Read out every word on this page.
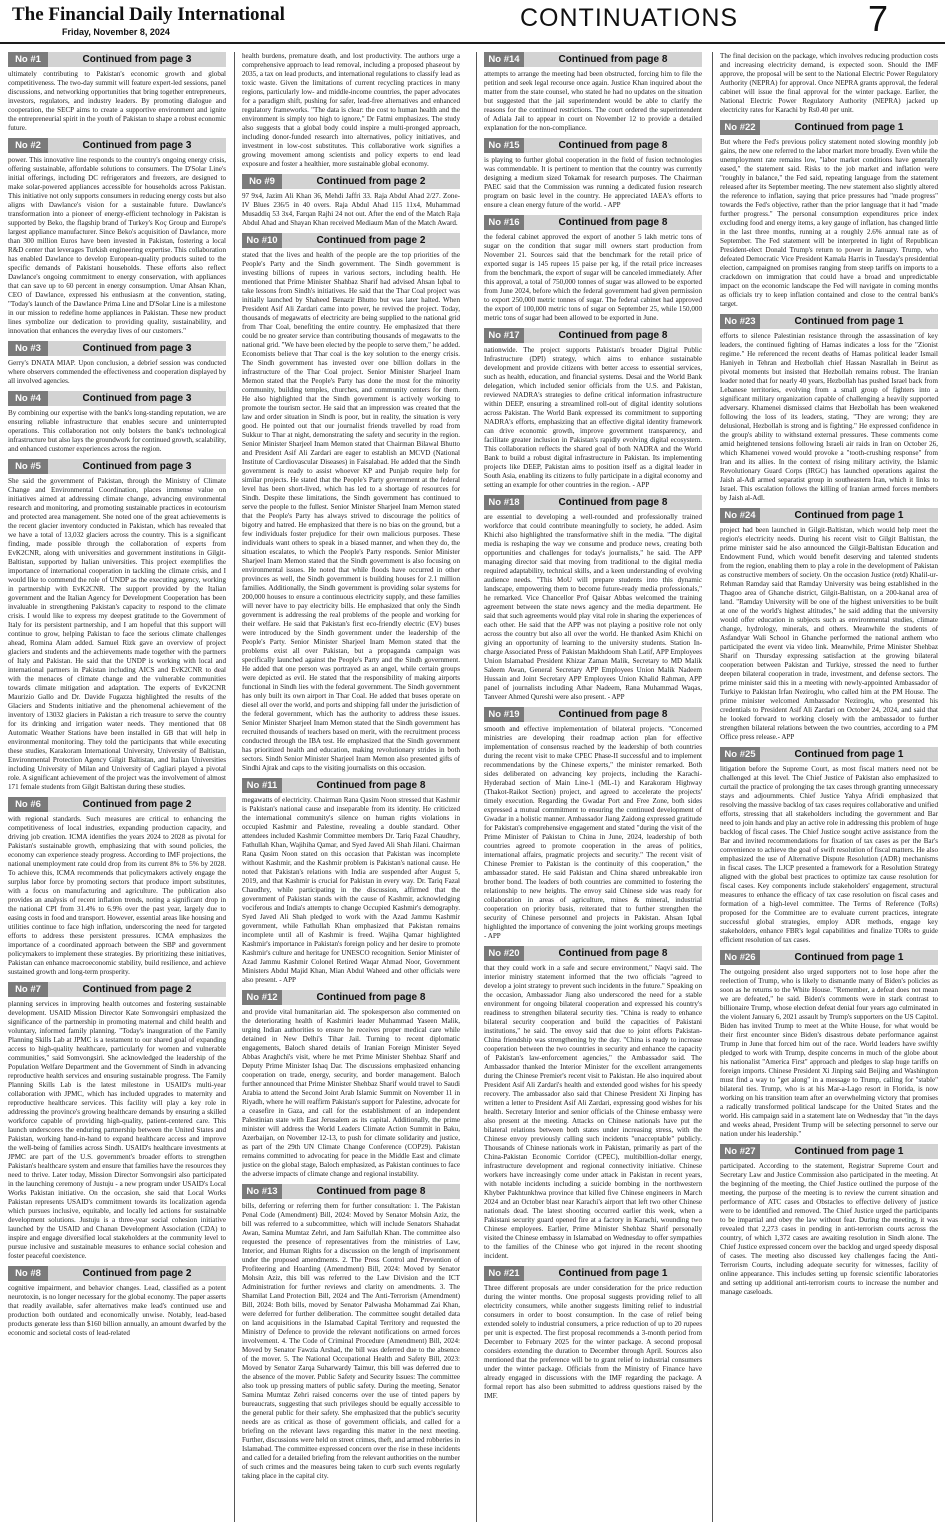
The Financial Daily International
Friday, November 8, 2024	CONTINUATIONS	7
No #1	Continued from page 3
ultimately contributing to Pakistan's economic growth and global competitiveness. The two-day summit will feature expert-led sessions, panel discussions, and networking opportunities that bring together entrepreneurs, investors, regulators, and industry leaders. By promoting dialogue and cooperation, the SECP aims to create a supportive environment and ignite the entrepreneurial spirit in the youth of Pakistan to shape a robust economic future.
No #2	Continued from page 3
power. This innovative line responds to the country's ongoing energy crisis, offering sustainable, affordable solutions to consumers. The D'Solar Line's initial offerings, including DC refrigerators and freezers, are designed to make solar-powered appliances accessible for households across Pakistan. This initiative not only supports consumers in reducing energy costs but also aligns with Dawlance's vision for a sustainable future. Dawlance's transformation into a pioneer of energy-efficient technology in Pakistan is supported by Beko, the flagship brand of Turkey's Koç Group and Europe's largest appliance manufacturer. Since Beko's acquisition of Dawlance, more than 300 million Euros have been invested in Pakistan, fostering a local R&D center that leverages Turkish engineering expertise. This collaboration has enabled Dawlance to develop European-quality products suited to the specific demands of Pakistani households. These efforts also reflect Dawlance's ongoing commitment to energy conservation, with appliances that can save up to 60 percent in energy consumption. Umar Ahsan Khan, CEO of Dawlance, expressed his enthusiasm at the convention, stating, "Today's launch of the Dawlance Prima Line and D'Solar Line is a milestone in our mission to redefine home appliances in Pakistan. These new product lines symbolize our dedication to providing quality, sustainability, and innovation that enhances the everyday lives of our customers."
No #3	Continued from page 3
Gerry's DNATA MIAP. Upon conclusion, a debrief session was conducted where observers commended the effectiveness and cooperation displayed by all involved agencies.
No #4	Continued from page 3
By combining our expertise with the bank's long-standing reputation, we are ensuring reliable infrastructure that enables secure and uninterrupted operations. This collaboration not only bolsters the bank's technological infrastructure but also lays the groundwork for continued growth, scalability, and enhanced customer experiences across the region.
No #5	Continued from page 3
She said the government of Pakistan, through the Ministry of Climate Change and Environmental Coordination, places immense value on initiatives aimed at addressing climate change, advancing environmental research and monitoring, and promoting sustainable practices in ecotourism and protected area management. She noted one of the great achievements is the recent glacier inventory conducted in Pakistan, which has revealed that we have a total of 13,032 glaciers across the country. This is a significant finding, made possible through the collaboration of experts from EvK2CNR, along with universities and government institutions in Gilgit-Baltistan, supported by Italian universities. This project exemplifies the importance of international cooperation in tackling the climate crisis, and I would like to commend the role of UNDP as the executing agency, working in partnership with EvK2CNR. The support provided by the Italian government and the Italian Agency for Development Cooperation has been invaluable in strengthening Pakistan's capacity to respond to the climate crisis. I would like to express my deepest gratitude to the Government of Italy for its persistent partnership, and I am hopeful that this support will continue to grow, helping Pakistan to face the serious climate challenges ahead, Romina Alam added. Samuel Rizk gave an overview of project glaciers and students and the achievements made together with the partners of Italy and Pakistan. He said that the UNDP is working with local and international partners in Pakistan including AICS and EvK2CNR to deal with the menaces of climate change and the vulnerable communities towards climate mitigation and adaptation. The experts of EvK2CNR Maurizio Gallo and Dr. Davide Fugazza highlighted the results of the Glaciers and Students initiative and the phenomenal achievement of the inventory of 13032 glaciers in Pakistan a rich treasure to serve the country for its drinking and irrigation water needs. They mentioned that 08 Automatic Weather Stations have been installed in GB that will help in environmental monitoring. They told the participants that while executing these studies, Karakoram International University, University of Baltistan, Environmental Protection Agency Gilgit Baltistan, and Italian Universities including University of Milan and University of Cagliari played a pivotal role. A significant achievement of the project was the involvement of almost 171 female students from Gilgit Baltistan during these studies.
No #6	Continued from page 2
with regional standards. Such measures are critical to enhancing the competitiveness of local industries, expanding production capacity, and driving job creation. ICMA identifies the years 2024 to 2028 as pivotal for Pakistan's sustainable growth, emphasizing that with sound policies, the economy can experience steady progress. According to IMF projections, the national unemployment rate could drop from its current 8% to 5% by 2028. To achieve this, ICMA recommends that policymakers actively engage the surplus labor force by promoting sectors that produce import substitutes, with a focus on manufacturing and agriculture. The publication also provides an analysis of recent inflation trends, noting a significant drop in the national CPI from 31.4% to 6.9% over the past year, largely due to easing costs in food and transport. However, essential areas like housing and utilities continue to face high inflation, underscoring the need for targeted efforts to address these persistent pressures. ICMA emphasizes the importance of a coordinated approach between the SBP and government policymakers to implement these strategies. By prioritizing these initiatives, Pakistan can enhance macroeconomic stability, build resilience, and achieve sustained growth and long-term prosperity.
No #7	Continued from page 2
planning services in improving health outcomes and fostering sustainable development. USAID Mission Director Kate Somvongsiri emphasized the significance of the partnership in promoting maternal and child health and voluntary, informed family planning. "Today's inauguration of the Family Planning Skills Lab at JPMC is a testament to our shared goal of expanding access to high-quality healthcare, particularly for women and vulnerable communities," said Somvongsiri. She acknowledged the leadership of the Population Welfare Department and the Government of Sindh in advancing reproductive health services and ensuring sustainable progress. The Family Planning Skills Lab is the latest milestone in USAID's multi-year collaboration with JPMC, which has included upgrades to maternity and reproductive healthcare services. This facility will play a key role in addressing the province's growing healthcare demands by ensuring a skilled workforce capable of providing high-quality, patient-centered care. This launch underscores the enduring partnership between the United States and Pakistan, working hand-in-hand to expand healthcare access and improve the well-being of families across Sindh. USAID's healthcare investments at JPMC are part of the U.S. government's broader efforts to strengthen Pakistan's healthcare system and ensure that families have the resources they need to thrive. Later today, Mission Director Somvongsiri also participated in the launching ceremony of Justuju - a new program under USAID's Local Works Pakistan initiative. On the occasion, she said that Local Works Pakistan represents USAID's commitment towards its localization agenda which pursues inclusive, equitable, and locally led actions for sustainable development solutions. Justuju is a three-year social cohesion initiative launched by the USAID and Chanan Development Association (CDA) to inspire and engage diversified local stakeholders at the community level to pursue inclusive and sustainable measures to enhance social cohesion and foster peaceful coexistence.
No #8	Continued from page 2
cognitive impairment, and behavior changes. Lead, classified as a potent neurotoxin, is no longer necessary for the global economy. The paper asserts that readily available, safer alternatives make lead's continued use and production both outdated and economically unwise. Notably, lead-based products generate less than $160 billion annually, an amount dwarfed by the economic and societal costs of lead-related
health burdens, premature death, and lost productivity. The authors urge a comprehensive approach to lead removal, including a proposed phaseout by 2035, a tax on lead products, and international regulations to classify lead as toxic waste. Given the limitations of current recycling practices in many regions, particularly low- and middle-income countries, the paper advocates for a paradigm shift, pushing for safer, lead-free alternatives and enhanced regulatory frameworks. "The data is clear: the cost to human health and the environment is simply too high to ignore," Dr Fatmi emphasizes. The study also suggests that a global body could inspire a multi-pronged approach, including donor-funded research into alternatives, policy initiatives, and investment in low-cost substitutes. This collaborative work signifies a growing movement among scientists and policy experts to end lead exposure and foster a healthier, more sustainable global economy.
No #9	Continued from page 2
97 9x4, Jazim Ali Khan 36, Mehdi Jaffri 33. Raja Abdul Ahad 2/27. Zone-IV Blues 236/5 in 40 overs. Raja Abdul Ahad 115 11x4, Muhammad Musaddiq 53 3x4, Farqan Rajhi 24 not out. After the end of the Match Raja Abdul Ahad and Shayan Khan received Mediaum Man of the Match Award.
No #10	Continued from page 2
stated that the lives and health of the people are the top priorities of the People's Party and the Sindh government. The Sindh government is investing billions of rupees in various sectors, including health. He mentioned that Prime Minister Shahbaz Sharif had advised Ahsan Iqbal to take lessons from Sindh's initiatives. He said that the Thar Coal project was initially launched by Shaheed Benazir Bhutto but was later halted. When President Asif Ali Zardari came into power, he revived the project. Today, thousands of megawatts of electricity are being supplied to the national grid from Thar Coal, benefiting the entire country. He emphasized that there could be no greater service than contributing thousands of megawatts to the national grid. "We have been elected by the people to serve them," he added. Economists believe that Thar coal is the key solution to the energy crisis. The Sindh government has invested over one billion dollars in the infrastructure of the Thar Coal project. Senior Minister Sharjeel Inam Memon stated that the People's Party has done the most for the minority community, building temples, churches, and community centers for them. He also highlighted that the Sindh government is actively working to promote the tourism sector. He said that an impression was created that the law and order situation in Sindh is poor, but in reality, the situation is very good. He pointed out that our journalist friends travelled by road from Sukkur to Thar at night, demonstrating the safety and security in the region. Senior Minister Sharjeel Inam Memon stated that Chairman Bilawal Bhutto and President Asif Ali Zardari are eager to establish an MCVD (National Institute of Cardiovascular Diseases) in Faisalabad. He added that the Sindh government is ready to assist whoever KP and Punjab require help for similar projects. He stated that the People's Party government at the federal level has been short-lived, which has led to a shortage of resources for Sindh. Despite these limitations, the Sindh government has continued to serve the people to the fullest. Senior Minister Sharjeel Inam Memon stated that the People's Party has always strived to discourage the politics of bigotry and hatred. He emphasized that there is no bias on the ground, but a few individuals foster prejudice for their own malicious purposes. These individuals want others to speak in a biased manner, and when they do, the situation escalates, to which the People's Party responds. Senior Minister Sharjeel Inam Memon stated that the Sindh government is also focusing on environmental issues. He noted that while floods have occurred in other provinces as well, the Sindh government is building houses for 2.1 million families. Additionally, the Sindh government is providing solar systems for 200,000 houses to ensure a continuous electricity supply, and these families will never have to pay electricity bills. He emphasized that only the Sindh government is addressing the real problems of the people and working for their welfare. He said that Pakistan's first eco-friendly electric (EV) buses were introduced by the Sindh government under the leadership of the People's Party. Senior Minister Sharjeel Inam Memon stated that the problems exist all over Pakistan, but a propaganda campaign was specifically launched against the People's Party and the Sindh government. He added that one person was portrayed as an angel, while certain groups were depicted as evil. He stated that the responsibility of making airports functional in Sindh lies with the federal government. The Sindh government has only built its own airport in Thar Coal. He added that buses operate on diesel all over the world, and ports and shipping fall under the jurisdiction of the federal government, which has the authority to address these issues. Senior Minister Sharjeel Inam Memon stated that the Sindh government has recruited thousands of teachers based on merit, with the recruitment process conducted through the IBA test. He emphasized that the Sindh government has prioritized health and education, making revolutionary strides in both sectors. Sindh Senior Minister Sharjeel Inam Memon also presented gifts of Sindhi Ajrak and caps to the visiting journalists on this occasion.
No #11	Continued from page 8
megawatts of electricity. Chairman Rana Qasim Noon stressed that Kashmir is Pakistan's national cause and inseparable from its identity. He criticized the international community's silence on human rights violations in occupied Kashmir and Palestine, revealing a double standard. Other attendees included Kashmir Committee members Dr. Tariq Fazal Chaudhry, Fathullah Khan, Wajihiha Qamar, and Syed Javed Ali Shah Jilani. Chairman Rana Qasim Noon stated on this occasion that Pakistan was incomplete without Kashmir, and the Kashmir problem is Pakistan's national cause. He noted that Pakistan's relations with India are suspended after August 5, 2019, and that Kashmir is crucial for Pakistan in every way. Dr. Tariq Fazal Chaudhry, while participating in the discussion, affirmed that the government of Pakistan stands with the cause of Kashmir, acknowledging vociferous and India's attempts to change Occupied Kashmir's demography. Syed Javed Ali Shah pledged to work with the Azad Jammu Kashmir government, while Fathullah Khan emphasized that Pakistan remains incomplete until all of Kashmir is freed. Wajiha Qamar highlighted Kashmir's importance in Pakistan's foreign policy and her desire to promote Kashmir's culture and heritage for UNESCO recognition. Senior Minister of Azad Jammu Kashmir Colonel Retired Waqar Ahmad Noor, Government Ministers Abdul Majid Khan, Mian Abdul Waheed and other officials were also present. - APP
No #12	Continued from page 8
and provide vital humanitarian aid. The spokesperson also commented on the deteriorating health of Kashmiri leader Muhammad Yaseen Malik, urging Indian authorities to ensure he receives proper medical care while detained in New Delhi's Tihar Jail. Turning to recent diplomatic engagements, Baloch shared details of Iranian Foreign Minister Seyed Abbas Araghchi's visit, where he met Prime Minister Shehbaz Sharif and Deputy Prime Minister Ishaq Dar. The discussions emphasized enhancing cooperation on trade, energy, security, and border management. Baloch further announced that Prime Minister Shehbaz Sharif would travel to Saudi Arabia to attend the Second Joint Arab Islamic Summit on November 11 in Riyadh, where he will reaffirm Pakistan's support for Palestine, advocate for a ceasefire in Gaza, and call for the establishment of an independent Palestinian state with East Jerusalem as its capital. Additionally, the prime minister will address the World Leaders Climate Action Summit in Baku, Azerbaijan, on November 12-13, to push for climate solidarity and justice, as part of the 29th UN Climate Change Conference (COP29). Pakistan remains committed to advocating for peace in the Middle East and climate justice on the global stage, Baloch emphasized, as Pakistan continues to face the adverse impacts of climate change and regional instability.
No #13	Continued from page 8
bills, deferring or referring them for further consultation: 1. The Pakistan Penal Code (Amendment) Bill, 2024: Moved by Senator Mohsin Aziz, the bill was referred to a subcommittee, which will include Senators Shahadat Awan, Samina Mumtaz Zehri, and Jam Saifullah Khan. The committee also requested the presence of representatives from the ministries of Law, Interior, and Human Rights for a discussion on the length of imprisonment under the proposed amendments. 2. The Press Control and Prevention of Profiteering and Hoarding (Amendment) Bill, 2024: Moved by Senator Mohsin Aziz, this bill was referred to the Law Division and the ICT Administration for further reviews and clarity on amendments. 3. The Shamilat Land Protection Bill, 2024 and The Anti-Terrorism (Amendment) Bill, 2024: Both bills, moved by Senator Palwasha Mohammad Zai Khan, were deferred for further deliberation. The committee sought detailed data on land acquisitions in the Islamabad Capital Territory and requested the Ministry of Defence to provide the relevant notifications on armed forces involvement. 4. The Code of Criminal Procedure (Amendment) Bill, 2024: Moved by Senator Fawzia Arshad, the bill was deferred due to the absence of the mover. 5. The National Occupational Health and Safety Bill, 2023: Moved by Senator Zarqa Suharwardy Taimur, this bill was deferred due to the absence of the mover. Public Safety and Security Issues: The committee also took up pressing matters of public safety. During the meeting, Senator Samina Mumtaz Zehri raised concerns over the use of tinted papers by bureaucrats, suggesting that such privileges should be equally accessible to the general public for their safety. She emphasized that the public's security needs are as critical as those of government officials, and called for a briefing on the relevant laws regarding this matter in the next meeting. Further, discussions were held on street crimes, theft, and armed robberies in Islamabad. The committee expressed concern over the rise in these incidents and called for a detailed briefing from the relevant authorities on the number of such crimes and the measures being taken to curb such events regularly taking place in the capital city.
No #14	Continued from page 8
attempts to arrange the meeting had been obstructed, forcing him to file the petition and seek legal recourse once again. Justice Khan inquired about the matter from the state counsel, who stated he had no updates on the situation but suggested that the jail superintendent would be able to clarify the reasons for the continued restrictions. The court ordered the superintendent of Adiala Jail to appear in court on November 12 to provide a detailed explanation for the non-compliance.
No #15	Continued from page 8
is playing to further global cooperation in the field of fusion technologies was commendable. It is pertinent to mention that the country was currently designing a medium sized Tokamak for research purposes. The Chairman PAEC said that the Commission was running a dedicated fusion research program on basic level in the country. He appreciated IAEA's efforts to ensure a clean energy future of the world. - APP
No #16	Continued from page 8
the federal cabinet approved the export of another 5 lakh metric tons of sugar on the condition that sugar mill owners start production from November 21. Sources said that the benchmark for the retail price of exported sugar is 145 rupees 15 paise per kg, if the retail price increases from the benchmark, the export of sugar will be canceled immediately. After this approval, a total of 750,000 tonnes of sugar was allowed to be exported from June 2024, before which the federal government had given permission to export 250,000 metric tonnes of sugar. The federal cabinet had approved the export of 100,000 metric tons of sugar on September 25, while 150,000 metric tons of sugar had been allowed to be exported in June.
No #17	Continued from page 8
nationwide. The project supports Pakistan's broader Digital Public Infrastructure (DPI) strategy, which aims to enhance sustainable development and provide citizens with better access to essential services, such as health, education, and financial systems. Desai and the World Bank delegation, which included senior officials from the U.S. and Pakistan, reviewed NADRA's strategies to define critical information infrastructure within DEEP, ensuring a streamlined roll-out of digital identity solutions across Pakistan. The World Bank expressed its commitment to supporting NADRA's efforts, emphasizing that an effective digital identity framework can drive economic growth, improve government transparency, and facilitate greater inclusion in Pakistan's rapidly evolving digital ecosystem. This collaboration reflects the shared goal of both NADRA and the World Bank to build a robust digital infrastructure in Pakistan. Its implementing projects like DEEP, Pakistan aims to position itself as a digital leader in South Asia, enabling its citizens to fully participate in a digital economy and setting an example for other countries in the region. - APP
No #18	Continued from page 8
are essential to developing a well-rounded and professionally trained workforce that could contribute meaningfully to society, he added. Asim Khichi also highlighted the transformative shift in the media. "The digital media is reshaping the way we consume and produce news, creating both opportunities and challenges for today's journalists," he said. The APP managing director said that moving from traditional to the digital media required adaptability, technical skills, and a keen understanding of evolving audience needs. "This MoU will prepare students into this dynamic landscape, empowering them to become future-ready media professionals," he remarked. Vice Chancellor Prof Qaisar Abbas welcomed the training agreement between the state news agency and the media department. He said that such agreements would play vital role in sharing the experiences of each other. He said that the APP was not playing a positive role not only across the country but also all over the world. He thanked Asim Khichi on giving an opportunity of learning to the university students. Station In-charge Associated Press of Pakistan Makhdoom Shah Latif, APP Employees Union Islamabad President Khizar Zaman Malik, Secretary to MD Malik Saleem Awan, General Secretary APP Employees Union Malik Nadeem Hussain and Joint Secretary APP Employees Union Khalid Rahman, APP panel of journalists including Athar Nadeem, Rana Muhammad Waqas, Tanveer Ahmed Qureshi were also present. - APP
No #19	Continued from page 8
smooth and effective implementation of bilateral projects. "Concerned ministries are developing their roadmap action plan for effective implementation of consensus reached by the leadership of both countries during the recent visit to make CPEC Phase-II successful and to implement recommendations by the Chinese experts," the minister remarked. Both sides deliberated on advancing key projects, including the Karachi-Hyderabad section of Main Line-1 (ML-1) and Karakoram Highway (Thakot-Raikot Section) project, and agreed to accelerate the projects' timely execution. Regarding the Gwadar Port and Free Zone, both sides expressed a mutual commitment to ensuring the continued development of Gwadar in a holistic manner. Ambassador Jiang Zaidong expressed gratitude for Pakistan's comprehensive engagement and stated "during the visit of the Prime Minister of Pakistan to China in June, 2024, leadership of both countries agreed to promote cooperation in the areas of politics, international affairs, pragmatic projects and security." The recent visit of Chinese Premier to Pakistan is the continuity of this cooperation," the ambassador stated. He said Pakistan and China shared unbreakable iron brother bond. The leaders of both countries are committed to fostering the relationship to new heights. The envoy said Chinese side was ready for collaboration in areas of agriculture, mines & mineral, industrial cooperation on priority basis, reiterated that to further strengthen the security of Chinese personnel and projects in Pakistan. Ahsan Iqbal highlighted the importance of convening the joint working groups meetings - APP
No #20	Continued from page 8
that they could work in a safe and secure environment," Naqvi said. The interior ministry statement informed that the two officials "agreed to develop a joint strategy to prevent such incidents in the future." Speaking on the occasion, Ambassador Jiang also underscored the need for a stable environment for ongoing bilateral cooperation and expressed his country's readiness to strengthen bilateral security ties. "China is ready to enhance bilateral security cooperation and build the capacities of Pakistani institutions," he said. The envoy said that due to joint efforts Pakistan- China friendship was strengthening by the day. "China is ready to increase cooperation between the two countries in security and enhance the capacity of Pakistan's law-enforcement agencies," the Ambassador said. The Ambassador thanked the Interior Minister for the excellent arrangements during the Chinese Premier's recent visit to Pakistan. He also inquired about President Asif Ali Zardari's health and extended good wishes for his speedy recovery. The ambassador also said that Chinese President Xi Jinping has written a letter to President Asif Ali Zardari, expressing good wishes for his health. Secretary Interior and senior officials of the Chinese embassy were also present at the meeting. Attacks on Chinese nationals have put the bilateral relations between both states under increasing stress, with the Chinese envoy previously calling such incidents "unacceptable" publicly. Thousands of Chinese nationals work in Pakistan, primarily as part of the China-Pakistan Economic Corridor (CPEC), multibillion-dollar energy, infrastructure development and regional connectivity initiative. Chinese workers have increasingly come under attack in Pakistan in recent years, with notable incidents including a suicide bombing in the northwestern Khyber Pakhtunkhwa province that killed five Chinese engineers in March 2024 and an October blast near Karachi's airport that left two other Chinese nationals dead. The latest shooting occurred earlier this week, when a Pakistani security guard opened fire at a factory in Karachi, wounding two Chinese employees. Earlier, Prime Minister Shehbaz Sharif personally visited the Chinese embassy in Islamabad on Wednesday to offer sympathies to the families of the Chinese who got injured in the recent shooting incident.
No #21	Continued from page 1
Three different proposals are under consideration for the price reduction during the winter months. One proposal suggests providing relief to all electricity consumers, while another suggests limiting relief to industrial consumers in order to boost consumption. In the case of relief being extended solely to industrial consumers, a price reduction of up to 20 rupees per unit is expected. The first proposal recommends a 3-month period from December to February 2025 for the winter package. A second proposal considers extending the duration to December through April. Sources also mentioned that the preference will be to grant relief to industrial consumers under the winter package. Officials from the Ministry of Finance have already engaged in discussions with the IMF regarding the package. A formal report has also been submitted to address questions raised by the IMF.
The final decision on the package, which involves reducing production costs and increasing electricity demand, is expected soon. Should the IMF approve, the proposal will be sent to the National Electric Power Regulatory Authority (NEPRA) for approval. Once NEPRA grants approval, the federal cabinet will issue the final approval for the winter package. Earlier, the National Electric Power Regulatory Authority (NEPRA) jacked up electricity rates for Karachi by Rs0.40 per unit.
No #22	Continued from page 1
But where the Fed's previous policy statement noted slowing monthly job gains, the new one referred to the labor market more broadly. Even while the unemployment rate remains low, "labor market conditions have generally eased," the statement said. Risks to the job market and inflation were "roughly in balance," the Fed said, repeating language from the statement released after its September meeting. The new statement also slightly altered the reference to inflation, saying that price pressures had "made progress" towards the Fed's objective, rather than the prior language that it had "made further progress." The personal consumption expenditures price index excluding food and energy items, a key gauge of inflation, has changed little in the last three months, running at a roughly 2.6% annual rate as of September. The Fed statement will be interpreted in light of Republican President-elect Donald Trump's return to power in January. Trump, who defeated Democratic Vice President Kamala Harris in Tuesday's presidential election, campaigned on promises ranging from steep tariffs on imports to a crackdown on immigration that could have a broad and unpredictable impact on the economic landscape the Fed will navigate in coming months as officials try to keep inflation contained and close to the central bank's target.
No #23	Continued from page 1
efforts to silence Palestinian resistance through the assassination of key leaders, the continued fighting of Hamas indicates a loss for the "Zionist regime." He referenced the recent deaths of Hamas political leader Ismail Haniyeh in Tehran and Hezbollah chief Hassan Nasrallah in Beirut as pivotal moments but insisted that Hezbollah remains robust. The Iranian leader noted that for nearly 40 years, Hezbollah has pushed Israel back from Lebanese territories, evolving from a small group of fighters into a significant military organization capable of challenging a heavily supported adversary. Khamenei dismissed claims that Hezbollah has been weakened following the loss of its leaders, stating, "They are wrong; they are delusional, Hezbollah is strong and is fighting." He expressed confidence in the group's ability to withstand external pressures. These comments come amid heightened tensions following Israeli air raids in Iran on October 26, which Khamenei vowed would provoke a "tooth-crushing response" from Iran and its allies. In the context of rising military activity, the Islamic Revolutionary Guard Corps (IRGC) has launched operations against the Jaish al-Adl armed separatist group in southeastern Iran, which it links to Israel. This escalation follows the killing of Iranian armed forces members by Jaish al-Adl.
No #24	Continued from page 1
project had been launched in Gilgit-Baltistan, which would help meet the region's electricity needs. During his recent visit to Gilgit Baltistan, the prime minister said he also announced the Gilgit-Baltistan Education and Endowment Fund, which would benefit deserving and talented students from the region, enabling them to play a role in the development of Pakistan as constructive members of society. On the occasion Justice (retd) Khalil-ur-Rehman Ramday said that Ramday University was being established in the Thagoo area of Ghanche district, Gilgit-Baltistan, on a 200-kanal area of land. "Ramday University will be one of the highest universities to be built at one of the world's highest altitudes," he said adding that the university would offer education in subjects such as environmental studies, climate change, hydrology, minerals, and others. Meanwhile the students of Asfandyar Wali School in Ghanche performed the national anthem who participated the event via video link. Meanwhile, Prime Minister Shehbaz Sharif on Thursday expressing satisfaction at the growing bilateral cooperation between Pakistan and Turkiye, stressed the need to further deepen bilateral cooperation in trade, investment, and defense sectors. The prime minister said this in a meeting with newly-appointed Ambassador of Turkiye to Pakistan Irfan Neziroglu, who called him at the PM House. The prime minister welcomed Ambassador Neziroglu, who presented his credentials to President Asif Ali Zardari on October 24, 2024, and said that he looked forward to working closely with the ambassador to further strengthen bilateral relations between the two countries, according to a PM Office press release.- APP
No #25	Continued from page 1
litigation before the Supreme Court, as most fiscal matters need not be challenged at this level. The Chief Justice of Pakistan also emphasized to curtail the practice of prolonging the tax cases through granting unnecessary stays and adjournments. Chief Justice Yahya Afridi emphasized that resolving the massive backlog of tax cases requires collaborative and unified efforts, stressing that all stakeholders including the government and Bar need to join hands and play an active role in addressing this problem of huge backlog of fiscal cases. The Chief Justice sought active assistance from the Bar and invited recommendations for fixation of tax cases as per the Bar's convenience to achieve the goal of swift resolution of fiscal matters. He also emphasized the use of Alternative Dispute Resolution (ADR) mechanisms in fiscal cases. The LJCP presented a framework for a Resolution Strategy aligned with the global best practices to optimize tax cause resolution for fiscal cases. Key components include stakeholders' engagement, structural measures to enhance the efficacy of tax case resolution on fiscal cases and formation of a high-level committee. The Terms of Reference (ToRs) proposed for the Committee are to evaluate current practices, integrate successful global strategies, employ ADR methods, engage key stakeholders, enhance FBR's legal capabilities and finalize TORs to guide efficient resolution of tax cases.
No #26	Continued from page 1
The outgoing president also urged supporters not to lose hope after the reelection of Trump, who is likely to dismantle many of Biden's policies as soon as he returns to the White House. "Remember, a defeat does not mean we are defeated," he said. Biden's comments were in stark contrast to billionaire Trump, whose election defeat denial four years ago culminated in the violent January 6, 2021 assault by Trump's supporters on the US Capitol. Biden has invited Trump to meet at the White House, for what would be their first encounter since Biden's disastrous debate performance against Trump in June that forced him out of the race. World leaders have swiftly pledged to work with Trump, despite concerns in much of the globe about his nationalist "America First" approach and pledges to slap huge tariffs on foreign imports. Chinese President Xi Jinping said Beijing and Washington must find a way to "get along" in a message to Trump, calling for "stable" bilateral ties. Trump, who is at his Mar-a-Lago resort in Florida, is now working on his transition team after an overwhelming victory that promises a radically transformed political landscape for the United States and the world. His campaign said in a statement late on Wednesday that "in the days and weeks ahead, President Trump will be selecting personnel to serve our nation under his leadership."
No #27	Continued from page 1
participated. According to the statement, Registrar Supreme Court and Secretary Law and Justice Commission also participated in the meeting. At the beginning of the meeting, the Chief Justice outlined the purpose of the meeting, the purpose of the meeting is to review the current situation and performance of ATC cases and Obstacles to effective delivery of justice were to be identified and removed. The Chief Justice urged the participants to be impartial and obey the law without fear. During the meeting, it was revealed that 2,273 cases in pending in anti-terrorism courts across the country, of which 1,372 cases are awaiting resolution in Sindh alone. The Chief Justice expressed concern over the backlog and urged speedy disposal of cases. The meeting also discussed key challenges facing the Anti-Terrorism Courts, including adequate security for witnesses, facility of online appearance. This includes setting up forensic scientific laboratories and setting up additional anti-terrorism courts to increase the number and manage caseloads.
